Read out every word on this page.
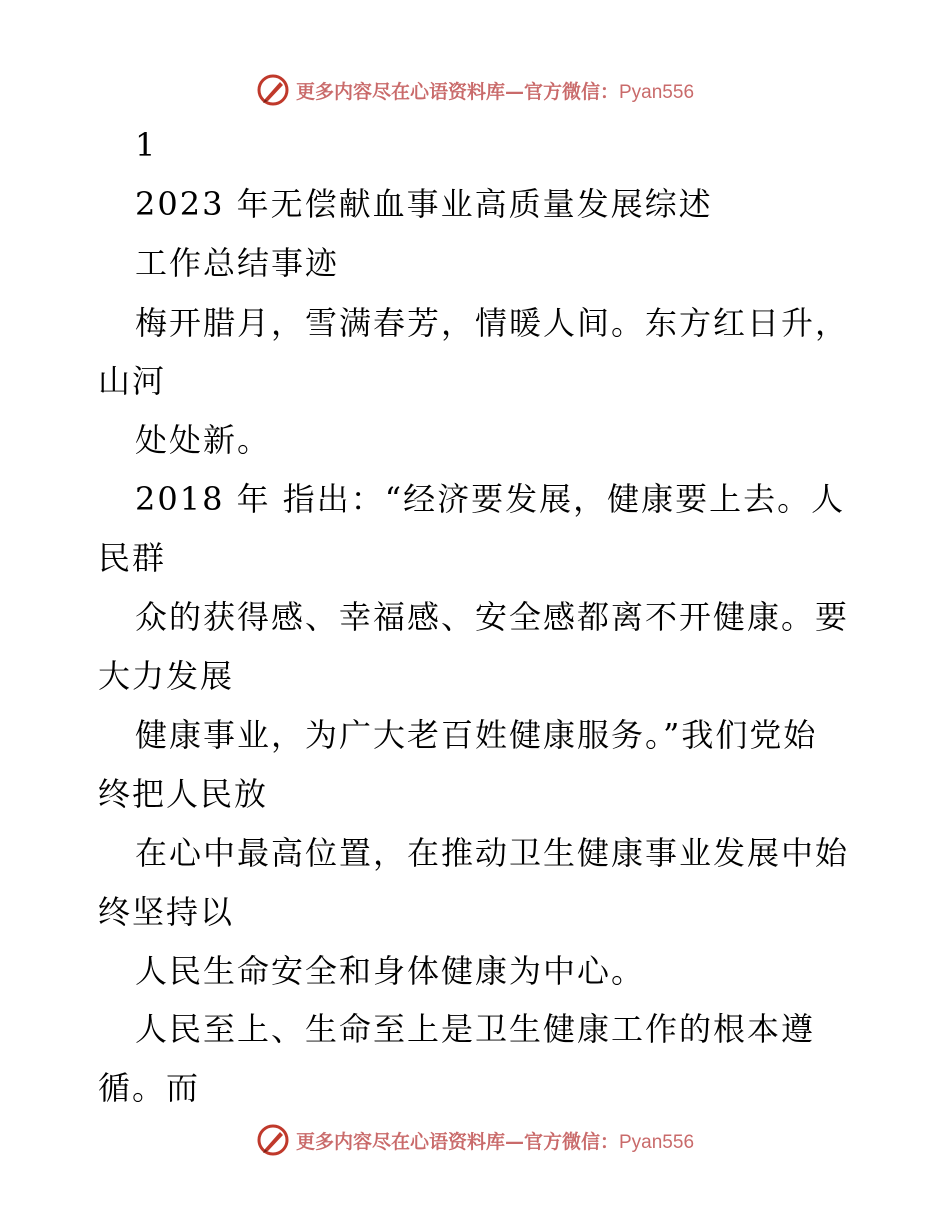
更多内容尽在心语资料库—官方微信：Pyan556
1
2023 年无偿献血事业高质量发展综述
工作总结事迹
梅开腊月，雪满春芳，情暖人间。东方红日升，
山河
处处新。
2018 年 指出：“经济要发展，健康要上去。人
民群
众的获得感、幸福感、安全感都离不开健康。要
大力发展
健康事业，为广大老百姓健康服务。”我们党始
终把人民放
在心中最高位置，在推动卫生健康事业发展中始
终坚持以
人民生命安全和身体健康为中心。
人民至上、生命至上是卫生健康工作的根本遵
循。而
更多内容尽在心语资料库—官方微信：Pyan556
